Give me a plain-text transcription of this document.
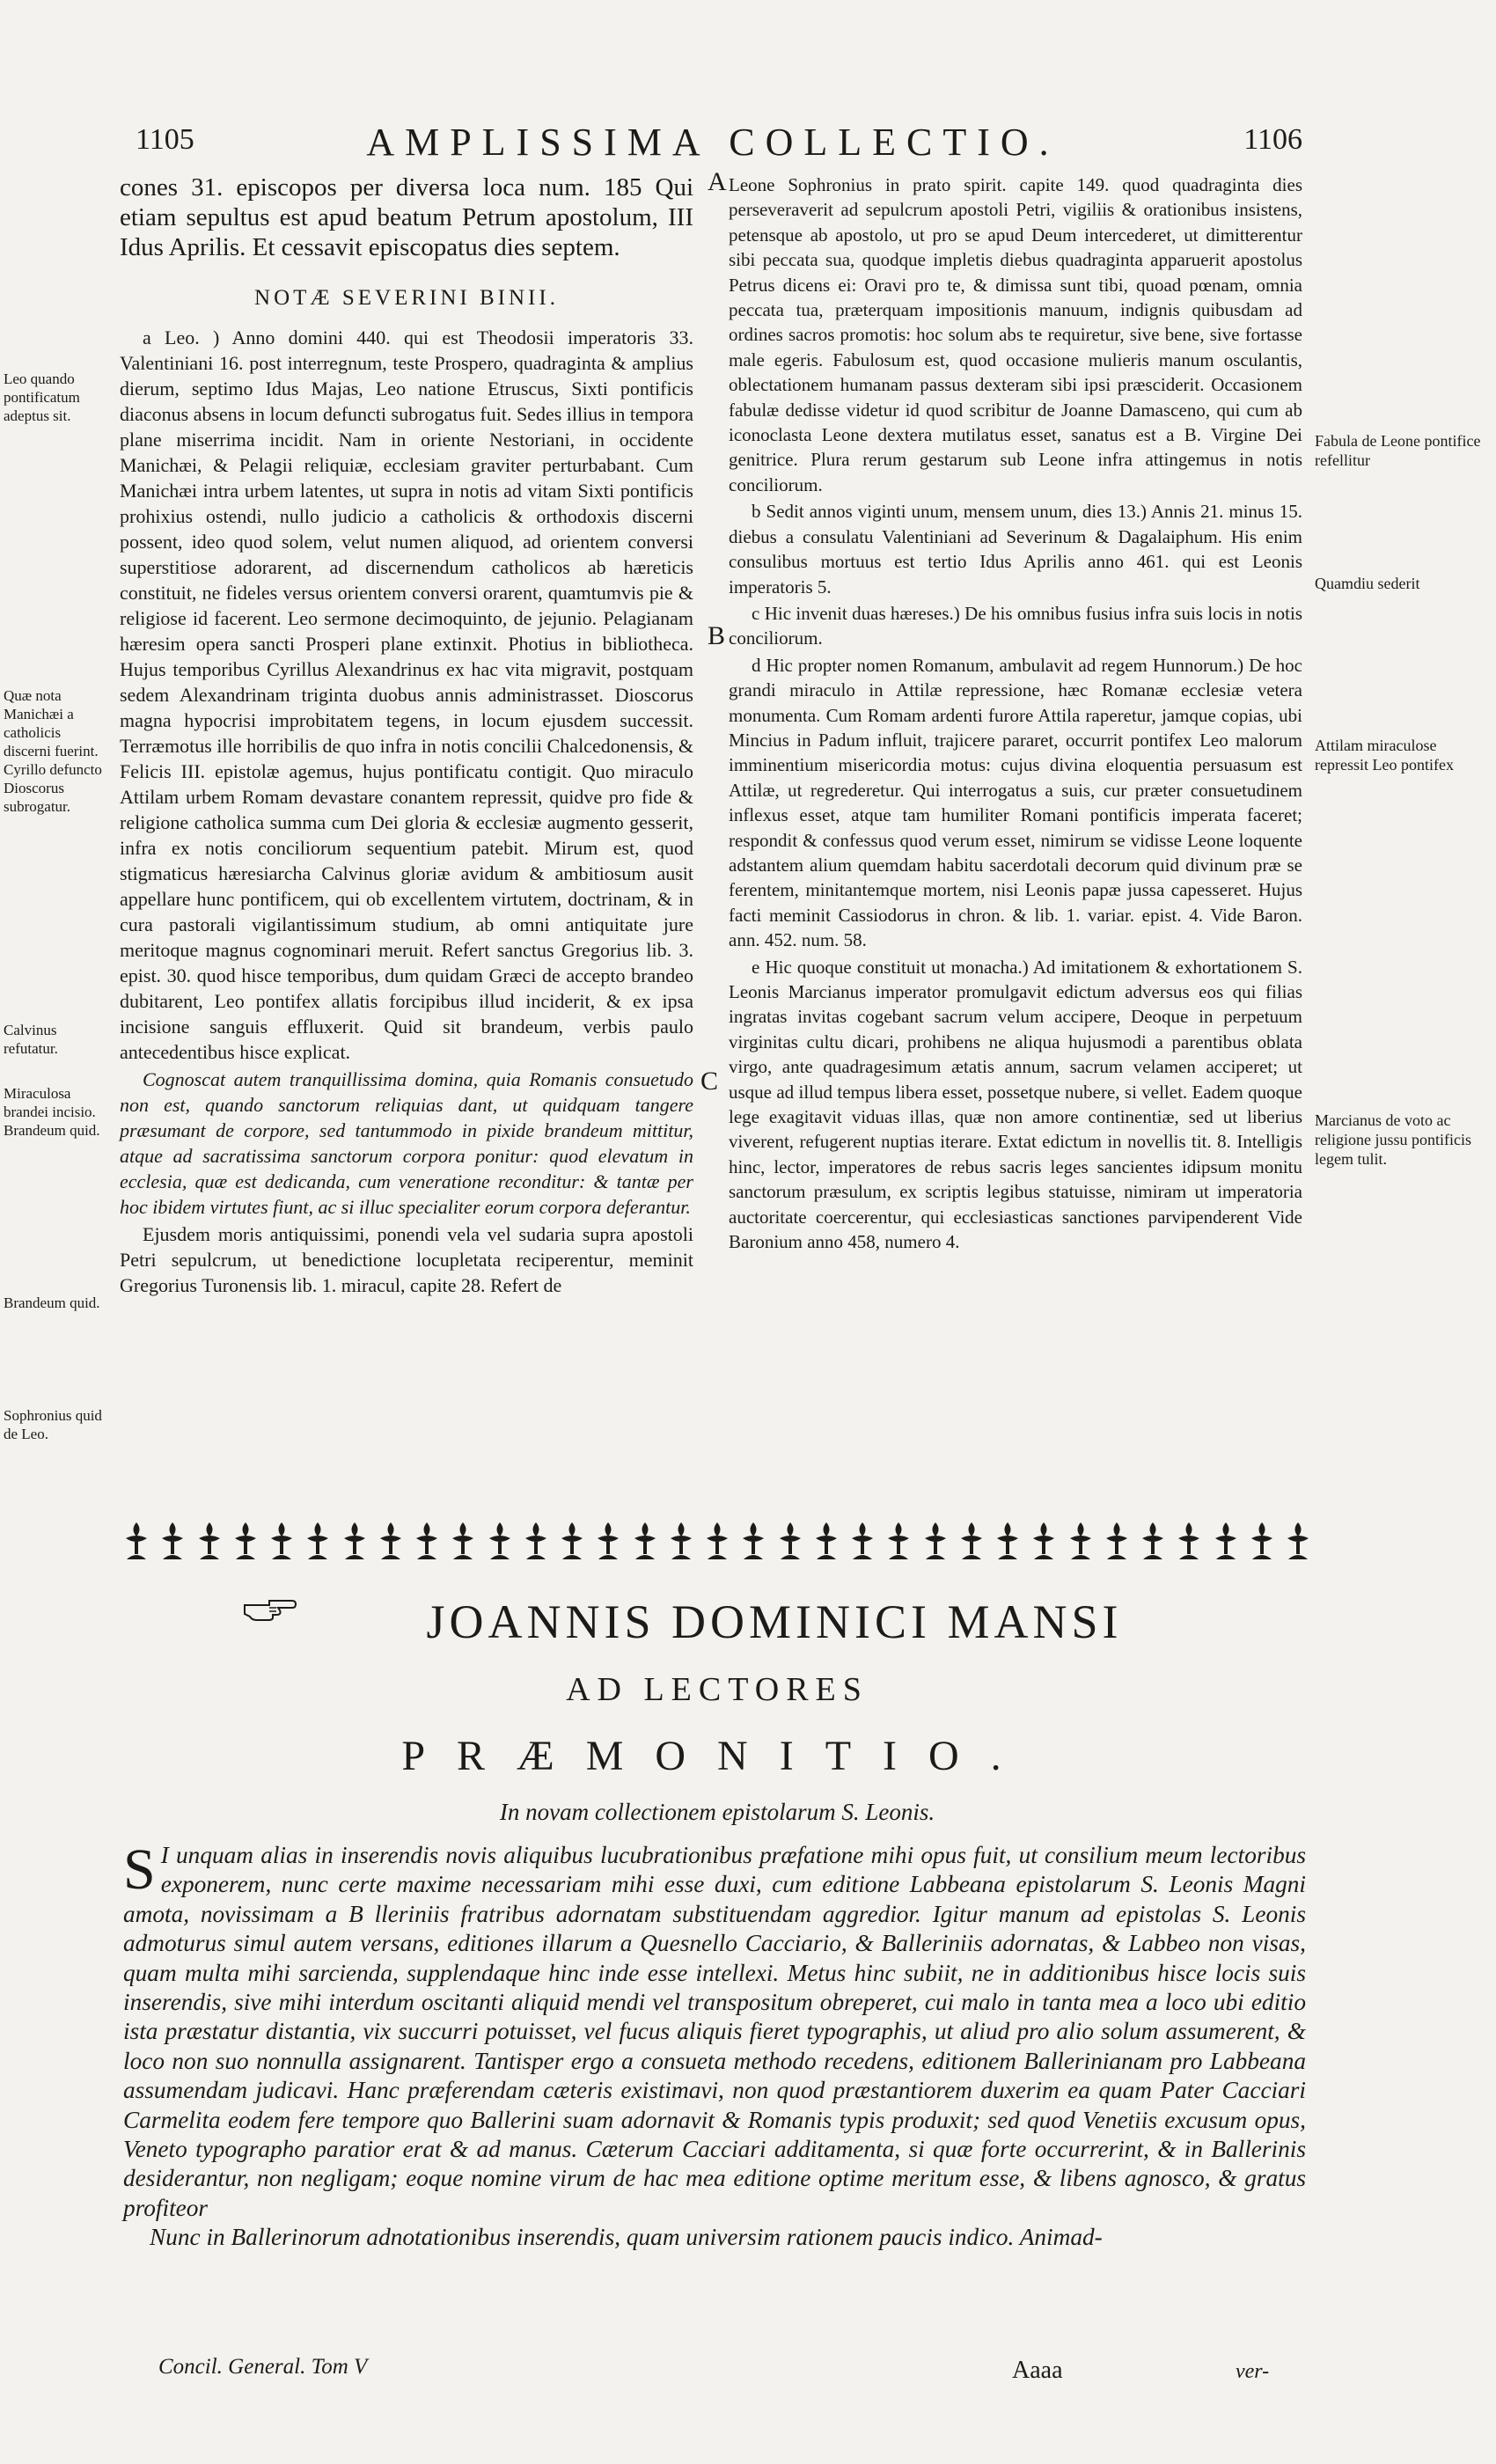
1105	AMPLISSIMA COLLECTIO.	1106

cones 31. episcopos per diversa loca num. 185 Qui etiam sepultus est apud beatum Petrum apostolum, III Idus Aprilis. Et cessavit episcopatus dies septem.

NOTÆ SEVERINI BINII.

a Leo. ) Anno domini 440. qui est Theodosii imperatoris 33. Valentiniani 16. post interregnum, teste Prospero, quadraginta & amplius dierum, septimo Idus Majas, Leo natione Etruscus, Sixti pontificis diaconus absens in locum defuncti subrogatus fuit. Sedes illius in tempora plane miserrima incidit. Nam in oriente Nestoriani, in occidente Manichæi, & Pelagii reliquiæ, ecclesiam graviter perturbabant. Cum Manichæi intra urbem latentes, ut supra in notis ad vitam Sixti pontificis prohixius ostendi, nullo judicio a catholicis & orthodoxis discerni possent, ideo quod solem, velut numen aliquod, ad orientem conversi superstitiose adorarent, ad discernendum catholicos ab hæreticis constituit, ne fideles versus orientem conversi orarent, quamtumvis pie & religiose id facerent. Leo sermone decimoquinto, de jejunio. Pelagianam hæresim opera sancti Prosperi plane extinxit. Photius in bibliotheca. Hujus temporibus Cyrillus Alexandrinus ex hac vita migravit, postquam sedem Alexandrinam triginta duobus annis administrasset. Dioscorus magna hypocrisi improbitatem tegens, in locum ejusdem successit. Terræmotus ille horribilis de quo infra in notis concilii Chalcedonensis, & Felicis III. epistolæ agemus, hujus pontificatu contigit. Quo miraculo Attilam urbem Romam devastare conantem repressit, quidve pro fide & religione catholica summa cum Dei gloria & ecclesiæ augmento gesserit, infra ex notis conciliorum sequentium patebit. Mirum est, quod stigmaticus hæresiarcha Calvinus gloriæ avidum & ambitiosum ausit appellare hunc pontificem, qui ob excellentem virtutem, doctrinam, & in cura pastorali vigilantissimum studium, ab omni antiquitate jure meritoque magnus cognominari meruit. Refert sanctus Gregorius lib. 3. epist. 30. quod hisce temporibus, dum quidam Græci de accepto brandeo dubitarent, Leo pontifex allatis forcipibus illud inciderit, & ex ipsa incisione sanguis effluxerit. Quid sit brandeum, verbis paulo antecedentibus hisce explicat.

Cognoscat autem tranquillissima domina, quia Romanis consuetudo non est, quando sanctorum reliquias dant, ut quidquam tangere præsumant de corpore, sed tantummodo in pixide brandeum mittitur, atque ad sacratissima sanctorum corpora ponitur: quod elevatum in ecclesia, quæ est dedicanda, cum veneratione reconditur: & tantæ per hoc ibidem virtutes fiunt, ac si illuc specialiter eorum corpora deferantur.

Ejusdem moris antiquissimi, ponendi vela vel sudaria supra apostoli Petri sepulcrum, ut benedictione locupletata reciperentur, meminit Gregorius Turonensis lib. 1. miracul, capite 28. Refert de

Leone Sophronius in prato spirit. capite 149. quod quadraginta dies perseveraverit ad sepulcrum apostoli Petri, vigiliis & orationibus insistens, petensque ab apostolo, ut pro se apud Deum intercederet, ut dimitterentur sibi peccata sua, quodque impletis diebus quadraginta apparuerit apostolus Petrus dicens ei: Oravi pro te, & dimissa sunt tibi, quoad pœnam, omnia peccata tua, præterquam impositionis manuum, indignis quibusdam ad ordines sacros promotis: hoc solum abs te requiretur, sive bene, sive fortasse male egeris. Fabulosum est, quod occasione mulieris manum osculantis, oblectationem humanam passus dexteram sibi ipsi præsciderit. Occasionem fabulæ dedisse videtur id quod scribitur de Joanne Damasceno, qui cum ab iconoclasta Leone dextera mutilatus esset, sanatus est a B. Virgine Dei genitrice. Plura rerum gestarum sub Leone infra attingemus in notis conciliorum.

b Sedit annos viginti unum, mensem unum, dies 13.) Annis 21. minus 15. diebus a consulatu Valentiniani ad Severinum & Dagalaiphum. His enim consulibus mortuus est tertio Idus Aprilis anno 461. qui est Leonis imperatoris 5.

c Hic invenit duas hæreses.) De his omnibus fusius infra suis locis in notis conciliorum.

d Hic propter nomen Romanum, ambulavit ad regem Hunnorum.) De hoc grandi miraculo in Attilæ repressione, hæc Romanæ ecclesiæ vetera monumenta. Cum Romam ardenti furore Attila raperetur, jamque copias, ubi Mincius in Padum influit, trajicere pararet, occurrit pontifex Leo malorum imminentium misericordia motus: cujus divina eloquentia persuasum est Attilæ, ut regrederetur. Qui interrogatus a suis, cur præter consuetudinem inflexus esset, atque tam humiliter Romani pontificis imperata faceret; respondit & confessus quod verum esset, nimirum se vidisse Leone loquente adstantem alium quemdam habitu sacerdotali decorum quid divinum præ se ferentem, minitantemque mortem, nisi Leonis papæ jussa capesseret. Hujus facti meminit Cassiodorus in chron. & lib. 1. variar. epist. 4. Vide Baron. ann. 452. num. 58.

e Hic quoque constituit ut monacha.) Ad imitationem & exhortationem S. Leonis Marcianus imperator promulgavit edictum adversus eos qui filias ingratas invitas cogebant sacrum velum accipere, Deoque in perpetuum virginitas cultu dicari, prohibens ne aliqua hujusmodi a parentibus oblata virgo, ante quadragesimum ætatis annum, sacrum velamen acciperet; ut usque ad illud tempus libera esset, possetque nubere, si vellet. Eadem quoque lege exagitavit viduas illas, quæ non amore continentiæ, sed ut liberius viverent, refugerent nuptias iterare. Extat edictum in novellis tit. 8. Intelligis hinc, lector, imperatores de rebus sacris leges sancientes idipsum monitu sanctorum præsulum, ex scriptis legibus statuisse, nimiram ut imperatoria auctoritate coercerentur, qui ecclesiasticas sanctiones parvipenderent Vide Baronium anno 458, numero 4.

Leo quando pontificatum adeptus sit.
Quæ nota Manichæi a catholicis discerni fuerint. Cyrillo defuncto Dioscorus subrogatur.
Calvinus refutatur.
Miraculosa brandei incisio. Brandeum quid.
Brandeum quid.
Sophronius quid de Leo.
Fabula de Leone pontifice refellitur
Quamdiu sederit
Attilam miraculose repressit Leo pontifex
Marcianus de voto ac religione jussu pontificis legem tulit.
A
B
C
JOANNIS DOMINICI MANSI
AD LECTORES
PRÆMONITIO.
In novam collectionem epistolarum S. Leonis.
S I unquam alias in inserendis novis aliquibus lucubrationibus præfatione mihi opus fuit, ut consilium meum lectoribus exponerem, nunc certe maxime necessariam mihi esse duxi, cum editione Labbeana epistolarum S. Leonis Magni amota, novissimam a B lleriniis fratribus adornatam substituendam aggredior. Igitur manum ad epistolas S. Leonis admoturus simul autem versans, editiones illarum a Quesnello Cacciario, & Balleriniis adornatas, & Labbeo non visas, quam multa mihi sarcienda, supplendaque hinc inde esse intellexi. Metus hinc subiit, ne in additionibus hisce locis suis inserendis, sive mihi interdum oscitanti aliquid mendi vel transpositum obreperet, cui malo in tanta mea a loco ubi editio ista præstatur distantia, vix succurri potuisset, vel fucus aliquis fieret typographis, ut aliud pro alio solum assumerent, & loco non suo nonnulla assignarent. Tantisper ergo a consueta methodo recedens, editionem Ballerinianam pro Labbeana assumendam judicavi. Hanc præferendam cæteris existimavi, non quod præstantiorem duxerim ea quam Pater Cacciari Carmelita eodem fere tempore quo Ballerini suam adornavit & Romanis typis produxit; sed quod Venetiis excusum opus, Veneto typographo paratior erat & ad manus. Cæterum Cacciari additamenta, si quæ forte occurrerint, & in Ballerinis desiderantur, non negligam; eoque nomine virum de hac mea editione optime meritum esse, & libens agnosco, & gratus profiteor
Nunc in Ballerinorum adnotationibus inserendis, quam universim rationem paucis indico. Animad-
Concil. General. Tom V	Aaaa	ver-
